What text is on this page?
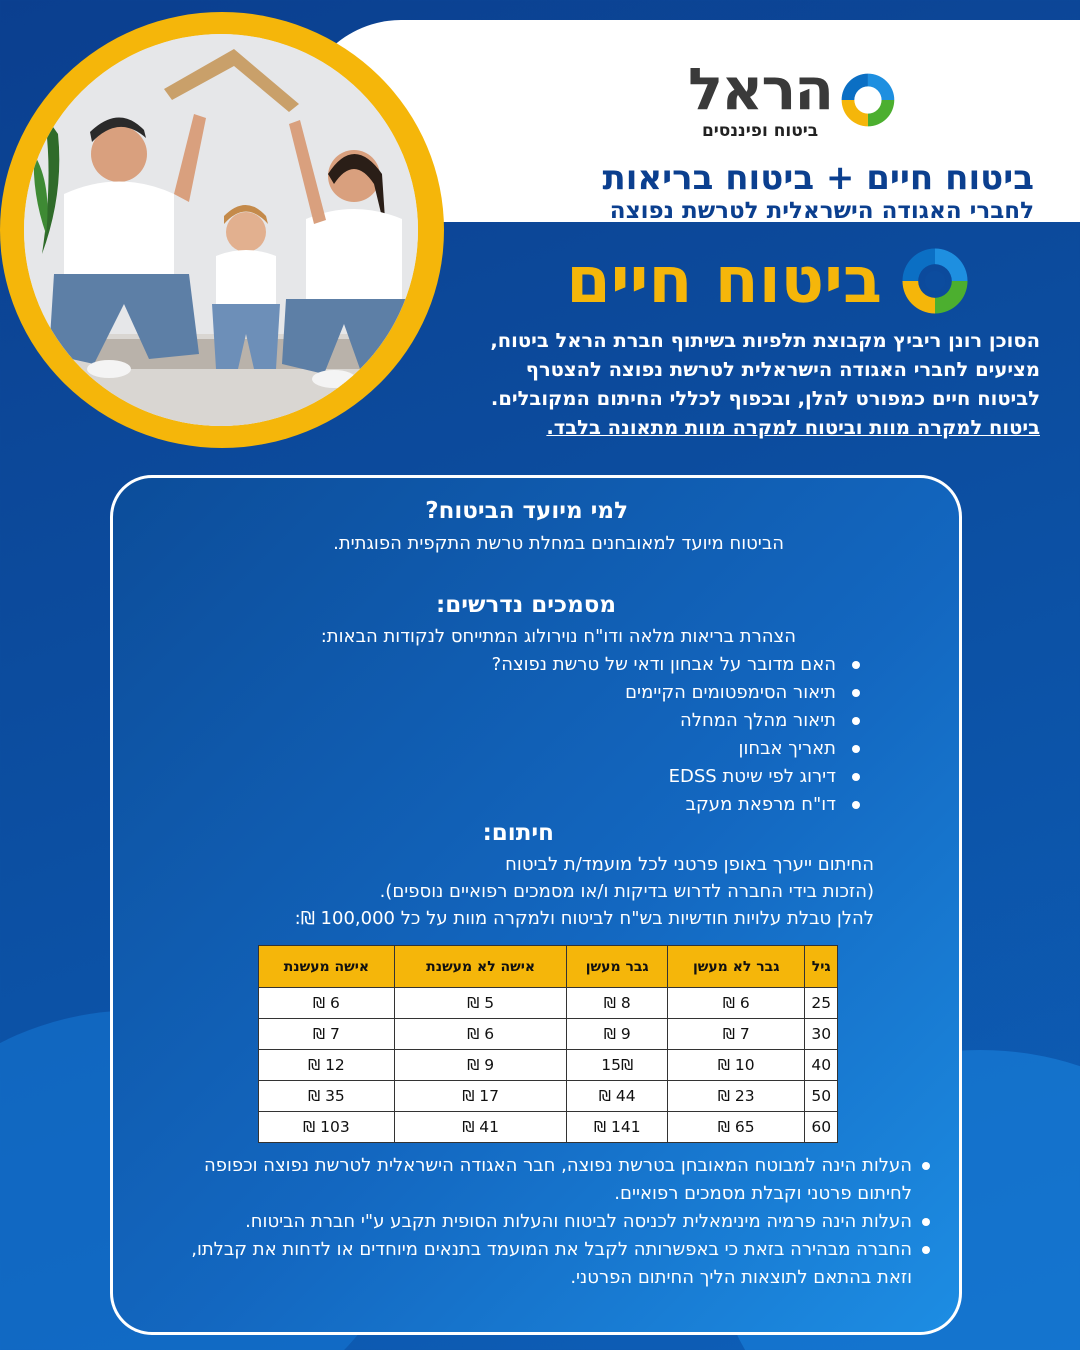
הראל
ביטוח ופיננסים
ביטוח חיים + ביטוח בריאות
לחברי האגודה הישראלית לטרשת נפוצה
ביטוח חיים
הסוכן רונן ריביץ מקבוצת תלפיות בשיתוף חברת הראל ביטוח,
מציעים לחברי האגודה הישראלית לטרשת נפוצה להצטרף
לביטוח חיים כמפורט להלן, ובכפוף לכללי החיתום המקובלים.
ביטוח למקרה מוות וביטוח למקרה מוות מתאונה בלבד.
למי מיועד הביטוח?
הביטוח מיועד למאובחנים במחלת טרשת התקפית הפוגתית.
מסמכים נדרשים:
הצהרת בריאות מלאה ודו"ח נוירולוג המתייחס לנקודות הבאות:
האם מדובר על אבחון ודאי של טרשת נפוצה?
תיאור הסימפטומים הקיימים
תיאור מהלך המחלה
תאריך אבחון
דירוג לפי שיטת EDSS
דו"ח מרפאת מעקב
חיתום:
החיתום ייערך באופן פרטני לכל מועמד/ת לביטוח
(הזכות בידי החברה לדרוש בדיקות ו/או מסמכים רפואיים נוספים).
להלן טבלת עלויות חודשיות בש"ח לביטוח ולמקרה מוות על כל 100,000 ₪:
גיל	גבר לא מעשן	גבר מעשן	אישה לא מעשנת	אישה מעשנת
25	6 ₪	8 ₪	5 ₪	6 ₪
30	7 ₪	9 ₪	6 ₪	7 ₪
40	10 ₪	15₪	9 ₪	12 ₪
50	23 ₪	44 ₪	17 ₪	35 ₪
60	65 ₪	141 ₪	41 ₪	103 ₪
העלות הינה למבוטח המאובחן בטרשת נפוצה, חבר האגודה הישראלית לטרשת נפוצה וכפופה לחיתום פרטני וקבלת מסמכים רפואיים.
העלות הינה פרמיה מינימאלית לכניסה לביטוח והעלות הסופית תקבע ע"י חברת הביטוח.
החברה מבהירה בזאת כי באפשרותה לקבל את המועמד בתנאים מיוחדים או לדחות את קבלתו, וזאת בהתאם לתוצאות הליך החיתום הפרטני.
